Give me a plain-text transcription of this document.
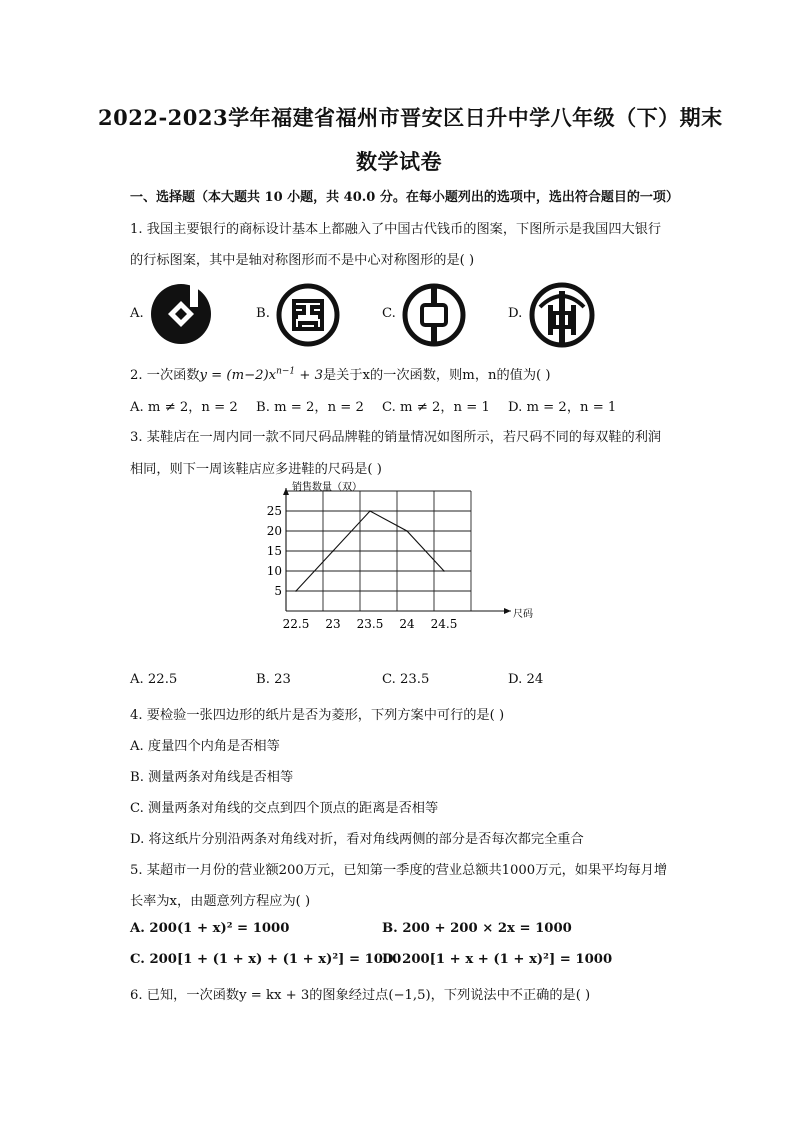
2022-2023学年福建省福州市晋安区日升中学八年级（下）期末
数学试卷
一、选择题（本大题共 10 小题，共 40.0 分。在每小题列出的选项中，选出符合题目的一项）
1. 我国主要银行的商标设计基本上都融入了中国古代钱币的图案，下图所示是我国四大银行
的行标图案，其中是轴对称图形而不是中心对称图形的是( )
A.	B.	C.	D.
2. 一次函数$y = (m-2)x^{n-1} + 3$是关于x的一次函数，则m，n的值为( )
A. m ≠ 2，n = 2 B. m = 2，n = 2 C. m ≠ 2，n = 1 D. m = 2，n = 1
3. 某鞋店在一周内同一款不同尺码品牌鞋的销量情况如图所示，若尺码不同的每双鞋的利润
相同，则下一周该鞋店应多进鞋的尺码是( )
5
10
15
20
25
22.5 23 23.5 24 24.5
销售数量（双）
尺码
A. 22.5	B. 23	C. 23.5	D. 24
4. 要检验一张四边形的纸片是否为菱形，下列方案中可行的是( )
A. 度量四个内角是否相等
B. 测量两条对角线是否相等
C. 测量两条对角线的交点到四个顶点的距离是否相等
D. 将这纸片分别沿两条对角线对折，看对角线两侧的部分是否每次都完全重合
5. 某超市一月份的营业额200万元，已知第一季度的营业总额共1000万元，如果平均每月增
长率为x，由题意列方程应为( )
A. 200(1 + x)² = 1000	B. 200 + 200 × 2x = 1000
C. 200[1 + (1 + x) + (1 + x)²] = 1000
D. 200[1 + x + (1 + x)²] = 1000
6. 已知，一次函数y = kx + 3的图象经过点(−1,5)，下列说法中不正确的是( )
